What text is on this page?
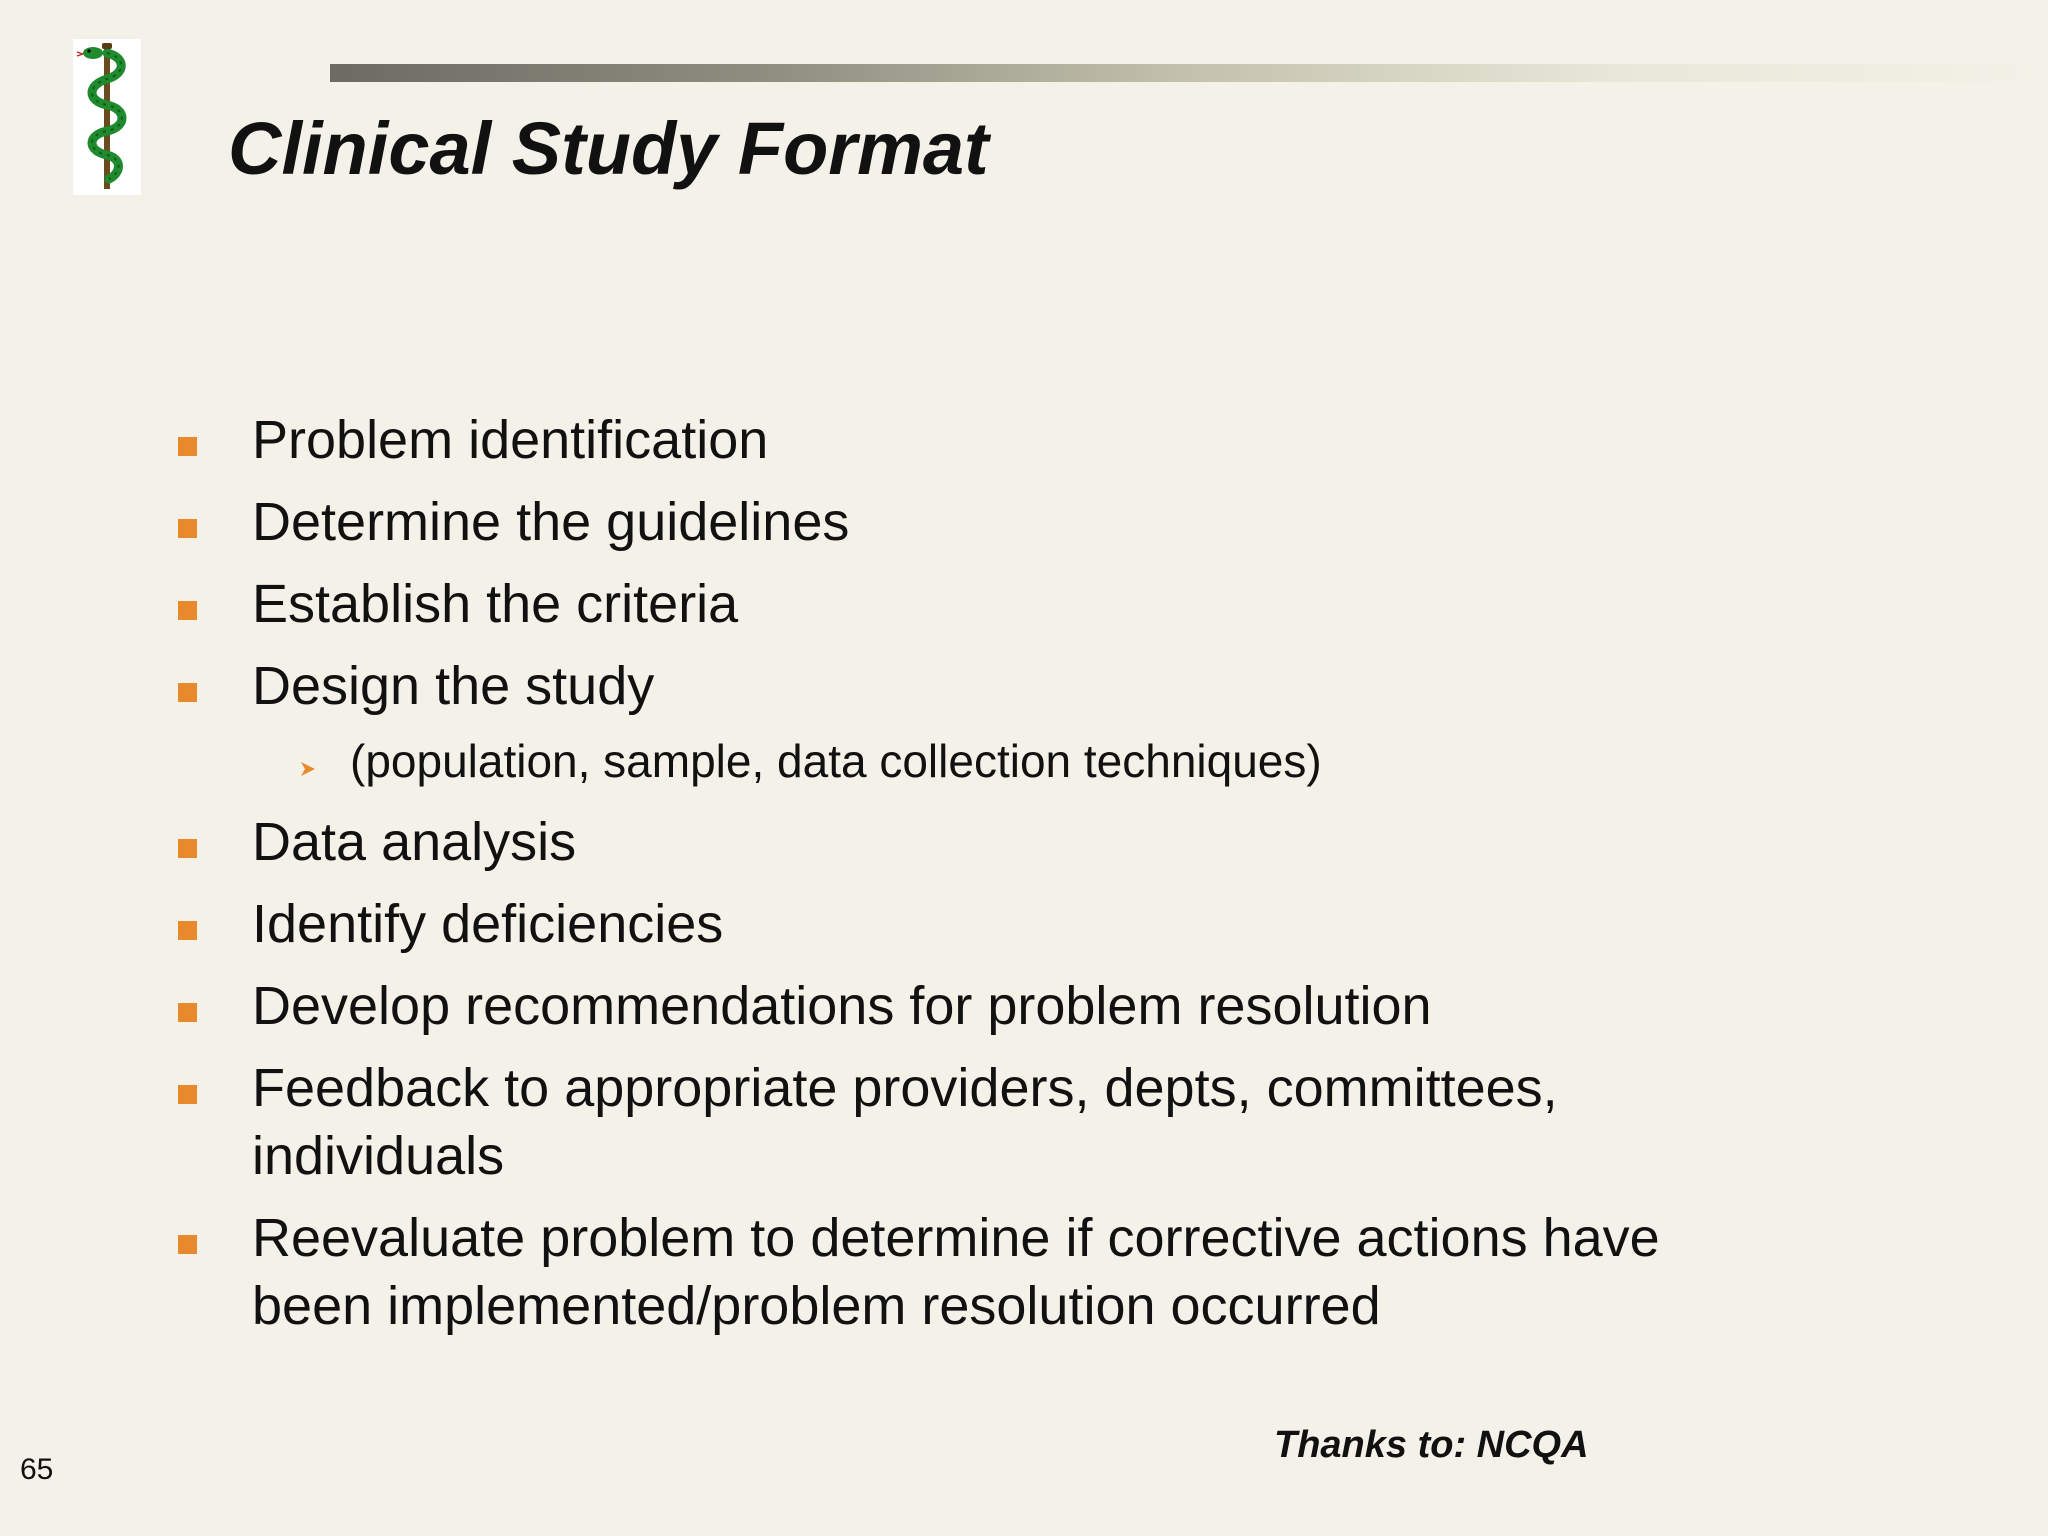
Clinical Study Format
Problem identification
Determine the guidelines
Establish the criteria
Design the study
(population, sample, data collection techniques)
Data analysis
Identify deficiencies
Develop recommendations for problem resolution
Feedback to appropriate providers, depts, committees,
individuals
Reevaluate problem to determine if corrective actions have
been implemented/problem resolution occurred
Thanks to: NCQA
65
